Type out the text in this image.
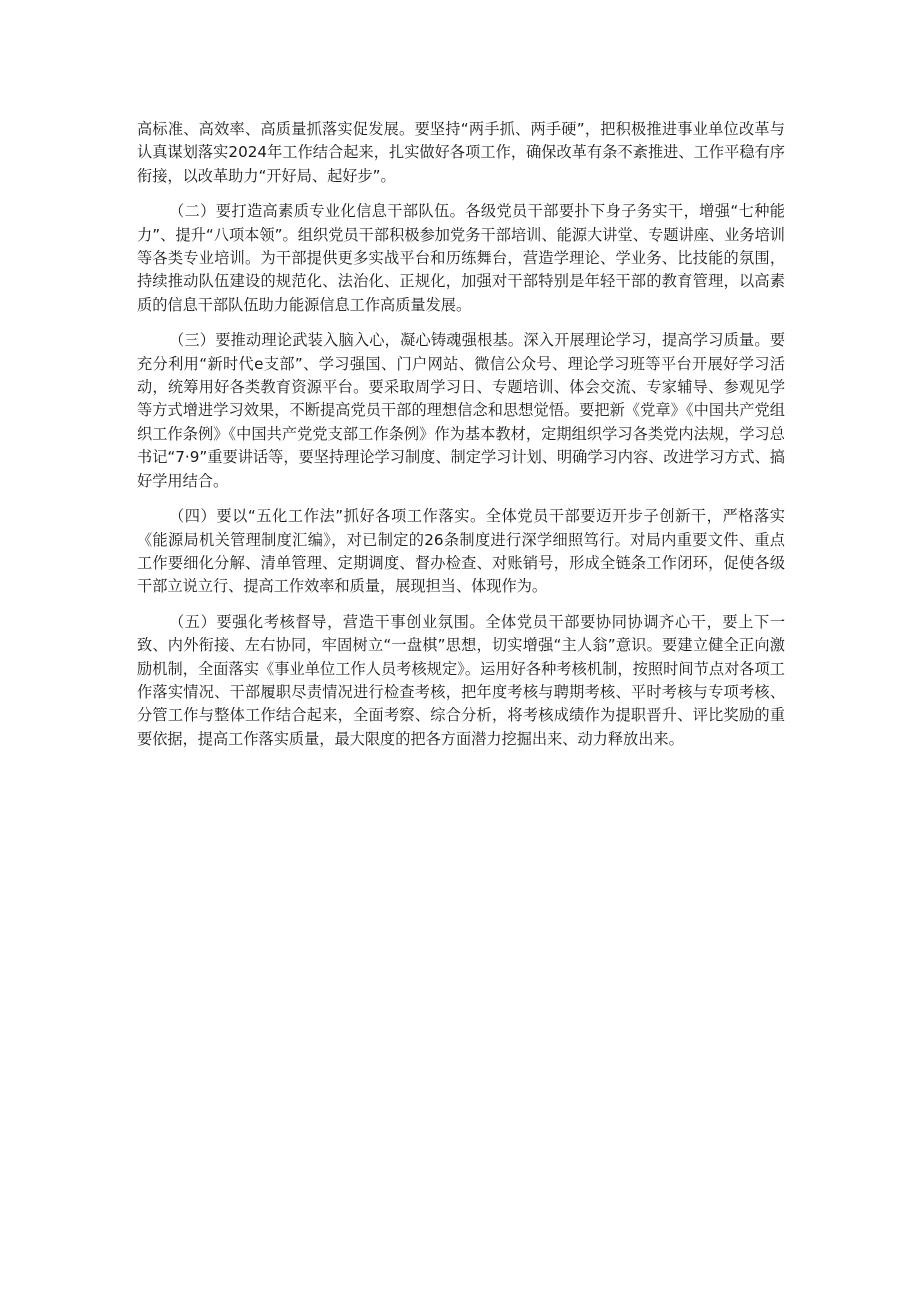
高标准、高效率、高质量抓落实促发展。要坚持“两手抓、两手硬”，把积极推进事业单位改革与认真谋划落实2024年工作结合起来，扎实做好各项工作，确保改革有条不紊推进、工作平稳有序衔接，以改革助力“开好局、起好步”。

（二）要打造高素质专业化信息干部队伍。各级党员干部要扑下身子务实干，增强“七种能力”、提升“八项本领”。组织党员干部积极参加党务干部培训、能源大讲堂、专题讲座、业务培训等各类专业培训。为干部提供更多实战平台和历练舞台，营造学理论、学业务、比技能的氛围，持续推动队伍建设的规范化、法治化、正规化，加强对干部特别是年轻干部的教育管理，以高素质的信息干部队伍助力能源信息工作高质量发展。

（三）要推动理论武装入脑入心，凝心铸魂强根基。深入开展理论学习，提高学习质量。要充分利用“新时代e支部”、学习强国、门户网站、微信公众号、理论学习班等平台开展好学习活动，统筹用好各类教育资源平台。要采取周学习日、专题培训、体会交流、专家辅导、参观见学等方式增进学习效果，不断提高党员干部的理想信念和思想觉悟。要把新《党章》《中国共产党组织工作条例》《中国共产党党支部工作条例》作为基本教材，定期组织学习各类党内法规，学习总书记“7·9”重要讲话等，要坚持理论学习制度、制定学习计划、明确学习内容、改进学习方式、搞好学用结合。

（四）要以“五化工作法”抓好各项工作落实。全体党员干部要迈开步子创新干，严格落实《能源局机关管理制度汇编》，对已制定的26条制度进行深学细照笃行。对局内重要文件、重点工作要细化分解、清单管理、定期调度、督办检查、对账销号，形成全链条工作闭环，促使各级干部立说立行、提高工作效率和质量，展现担当、体现作为。

（五）要强化考核督导，营造干事创业氛围。全体党员干部要协同协调齐心干，要上下一致、内外衔接、左右协同，牢固树立“一盘棋”思想，切实增强“主人翁”意识。要建立健全正向激励机制，全面落实《事业单位工作人员考核规定》。运用好各种考核机制，按照时间节点对各项工作落实情况、干部履职尽责情况进行检查考核，把年度考核与聘期考核、平时考核与专项考核、分管工作与整体工作结合起来，全面考察、综合分析，将考核成绩作为提职晋升、评比奖励的重要依据，提高工作落实质量，最大限度的把各方面潜力挖掘出来、动力释放出来。
